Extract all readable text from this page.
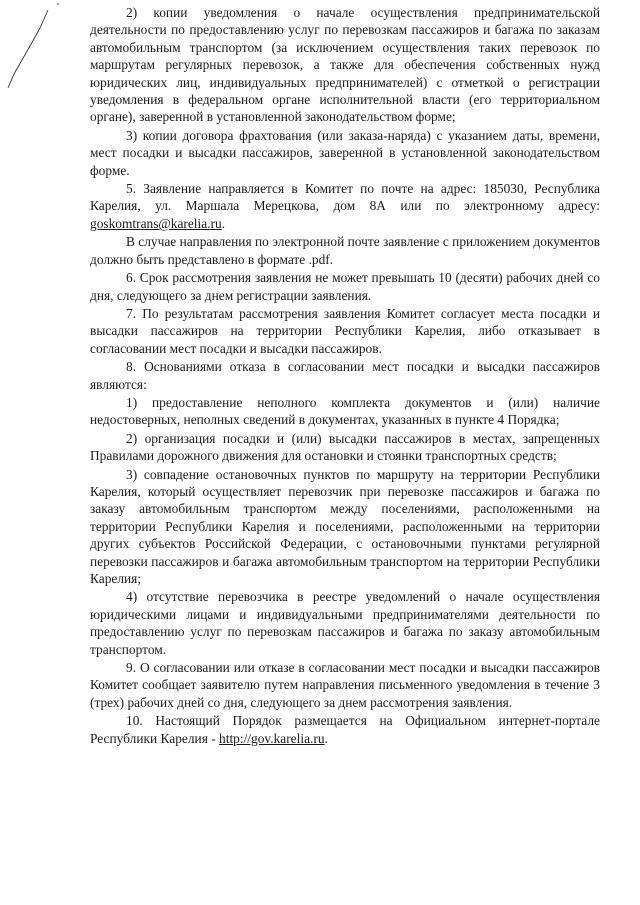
2) копии уведомления о начале осуществления предпринимательской деятельности по предоставлению услуг по перевозкам пассажиров и багажа по заказам автомобильным транспортом (за исключением осуществления таких перевозок по маршрутам регулярных перевозок, а также для обеспечения собственных нужд юридических лиц, индивидуальных предпринимателей) с отметкой о регистрации уведомления в федеральном органе исполнительной власти (его территориальном органе), заверенной в установленной законодательством форме;

3) копии договора фрахтования (или заказа-наряда) с указанием даты, времени, мест посадки и высадки пассажиров, заверенной в установленной законодательством форме.

5. Заявление направляется в Комитет по почте на адрес: 185030, Республика Карелия, ул. Маршала Мерецкова, дом 8А или по электронному адресу: goskomtrans@karelia.ru.

В случае направления по электронной почте заявление с приложением документов должно быть представлено в формате .pdf.

6. Срок рассмотрения заявления не может превышать 10 (десяти) рабочих дней со дня, следующего за днем регистрации заявления.

7. По результатам рассмотрения заявления Комитет согласует места посадки и высадки пассажиров на территории Республики Карелия, либо отказывает в согласовании мест посадки и высадки пассажиров.

8. Основаниями отказа в согласовании мест посадки и высадки пассажиров являются:

1) предоставление неполного комплекта документов и (или) наличие недостоверных, неполных сведений в документах, указанных в пункте 4 Порядка;

2) организация посадки и (или) высадки пассажиров в местах, запрещенных Правилами дорожного движения для остановки и стоянки транспортных средств;

3) совпадение остановочных пунктов по маршруту на территории Республики Карелия, который осуществляет перевозчик при перевозке пассажиров и багажа по заказу автомобильным транспортом между поселениями, расположенными на территории Республики Карелия и поселениями, расположенными на территории других субъектов Российской Федерации, с остановочными пунктами регулярной перевозки пассажиров и багажа автомобильным транспортом на территории Республики Карелия;

4) отсутствие перевозчика в реестре уведомлений о начале осуществления юридическими лицами и индивидуальными предпринимателями деятельности по предоставлению услуг по перевозкам пассажиров и багажа по заказу автомобильным транспортом.

9. О согласовании или отказе в согласовании мест посадки и высадки пассажиров Комитет сообщает заявителю путем направления письменного уведомления в течение 3 (трех) рабочих дней со дня, следующего за днем рассмотрения заявления.

10. Настоящий Порядок размещается на Официальном интернет-портале Республики Карелия - http://gov.karelia.ru.
